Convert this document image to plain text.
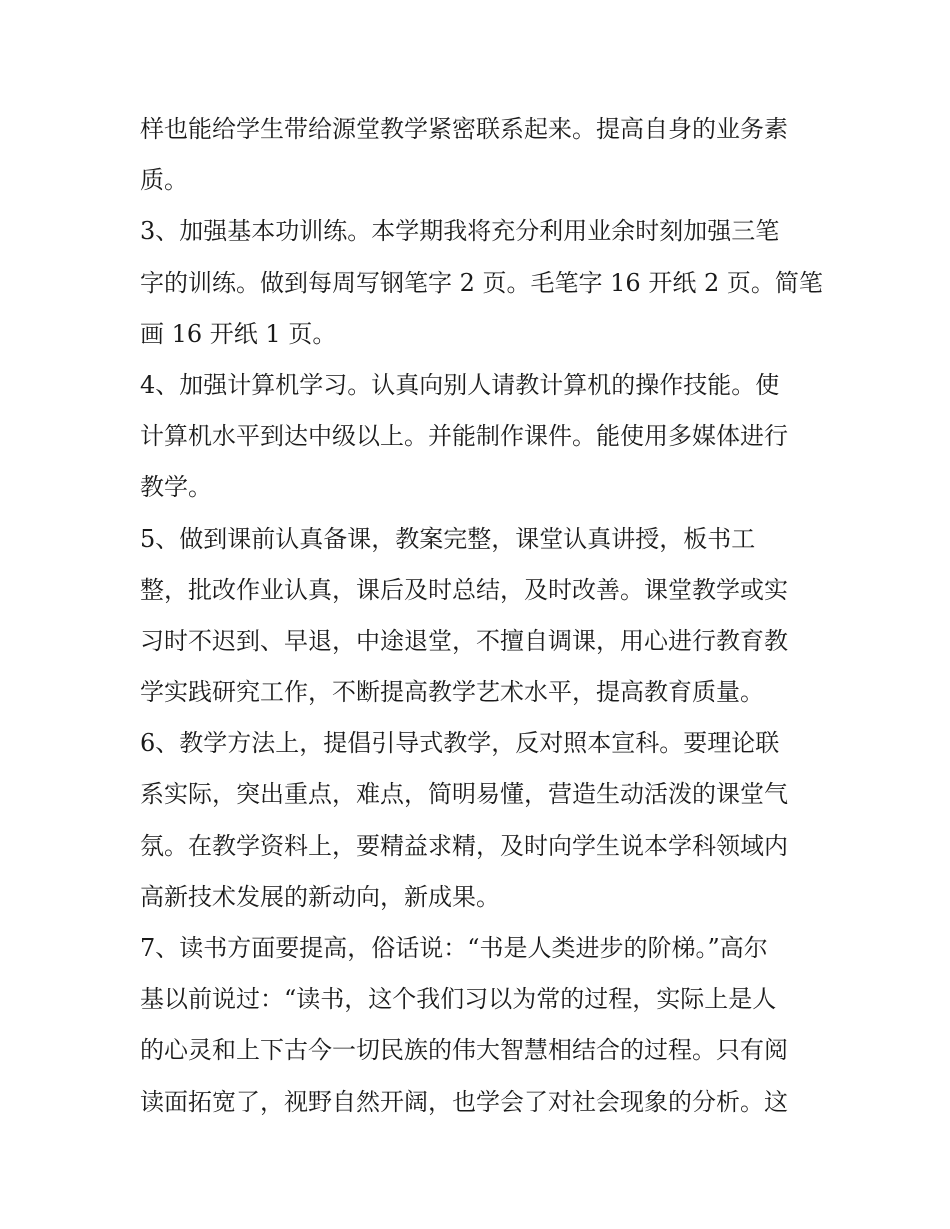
样也能给学生带给源堂教学紧密联系起来。提高自身的业务素
质。
3、加强基本功训练。本学期我将充分利用业余时刻加强三笔
字的训练。做到每周写钢笔字 2 页。毛笔字 16 开纸 2 页。简笔
画 16 开纸 1 页。
4、加强计算机学习。认真向别人请教计算机的操作技能。使
计算机水平到达中级以上。并能制作课件。能使用多媒体进行
教学。
5、做到课前认真备课，教案完整，课堂认真讲授，板书工
整，批改作业认真，课后及时总结，及时改善。课堂教学或实
习时不迟到、早退，中途退堂，不擅自调课，用心进行教育教
学实践研究工作，不断提高教学艺术水平，提高教育质量。
6、教学方法上，提倡引导式教学，反对照本宣科。要理论联
系实际，突出重点，难点，简明易懂，营造生动活泼的课堂气
氛。在教学资料上，要精益求精，及时向学生说本学科领域内
高新技术发展的新动向，新成果。
7、读书方面要提高，俗话说：“书是人类进步的阶梯。”高尔
基以前说过：“读书，这个我们习以为常的过程，实际上是人
的心灵和上下古今一切民族的伟大智慧相结合的过程。只有阅
读面拓宽了，视野自然开阔，也学会了对社会现象的分析。这
